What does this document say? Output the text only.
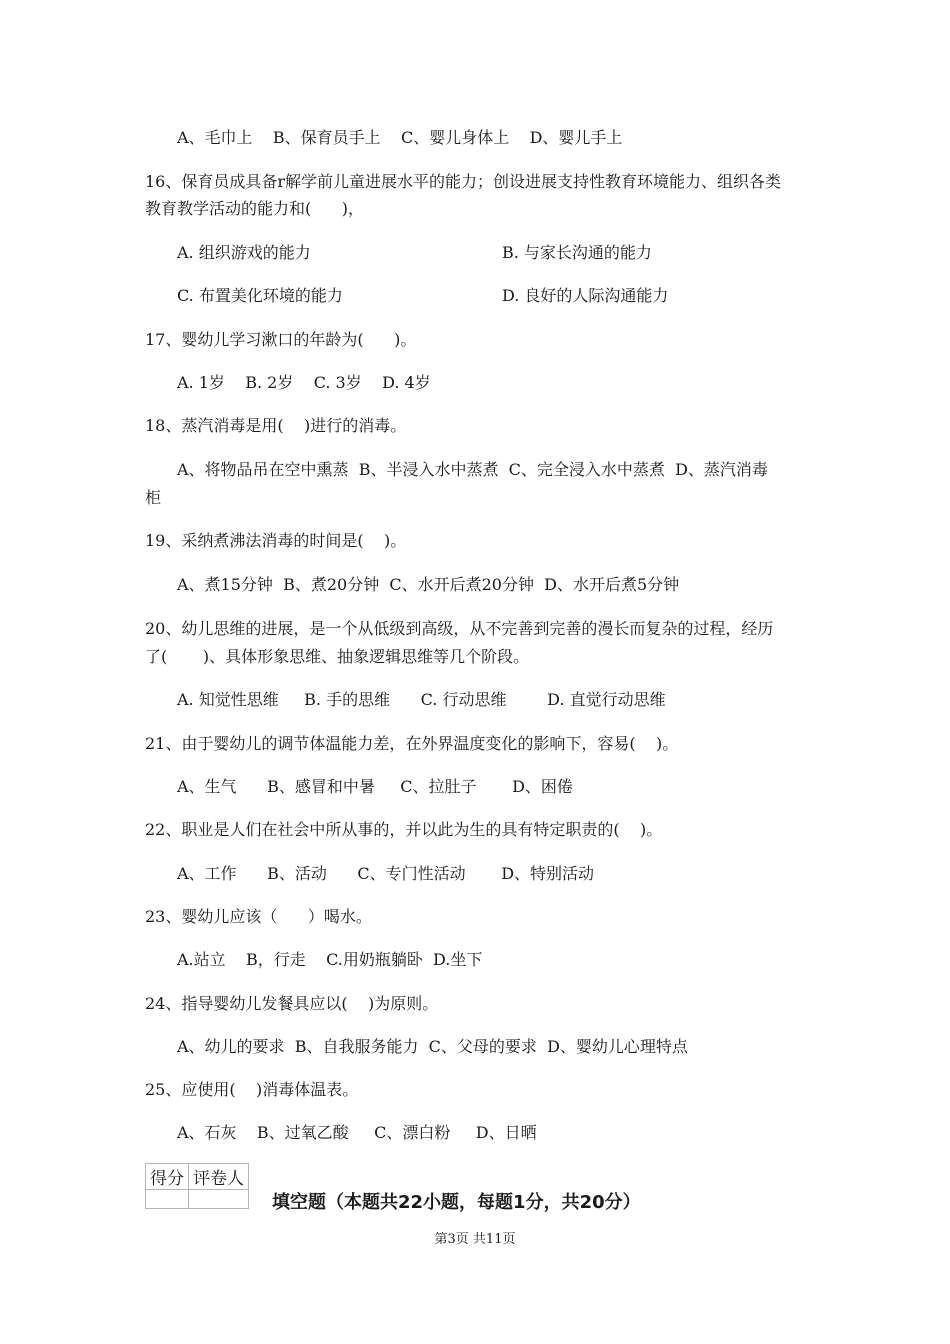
A、毛巾上    B、保育员手上    C、婴儿身体上    D、婴儿手上
16、保育员成具备r解学前儿童进展水平的能力；创设进展支持性教育环境能力、组织各类
教育教学活动的能力和(      )，
A. 组织游戏的能力	B. 与家长沟通的能力
C. 布置美化环境的能力	D. 良好的人际沟通能力
17、婴幼儿学习漱口的年龄为(      )。
A. 1岁    B. 2岁    C. 3岁    D. 4岁
18、蒸汽消毒是用(    )进行的消毒。
A、将物品吊在空中熏蒸  B、半浸入水中蒸煮  C、完全浸入水中蒸煮  D、蒸汽消毒
柜
19、采纳煮沸法消毒的时间是(    )。
A、煮15分钟  B、煮20分钟  C、水开后煮20分钟  D、水开后煮5分钟
20、幼儿思维的进展，是一个从低级到高级，从不完善到完善的漫长而复杂的过程，经历
了(       )、具体形象思维、抽象逻辑思维等几个阶段。
A. 知觉性思维     B. 手的思维      C. 行动思维        D. 直觉行动思维
21、由于婴幼儿的调节体温能力差，在外界温度变化的影响下，容易(    )。
A、生气      B、感冒和中暑     C、拉肚子       D、困倦
22、职业是人们在社会中所从事的，并以此为生的具有特定职责的(    )。
A、工作      B、活动      C、专门性活动       D、特别活动
23、婴幼儿应该（      ）喝水。
A.站立    B，行走    C.用奶瓶躺卧  D.坐下
24、指导婴幼儿发餐具应以(    )为原则。
A、幼儿的要求  B、自我服务能力  C、父母的要求  D、婴幼儿心理特点
25、应使用(    )消毒体温表。
A、石灰    B、过氧乙酸     C、漂白粉     D、日晒
得分	评卷人

填空题（本题共22小题，每题1分，共20分）
第3页 共11页
